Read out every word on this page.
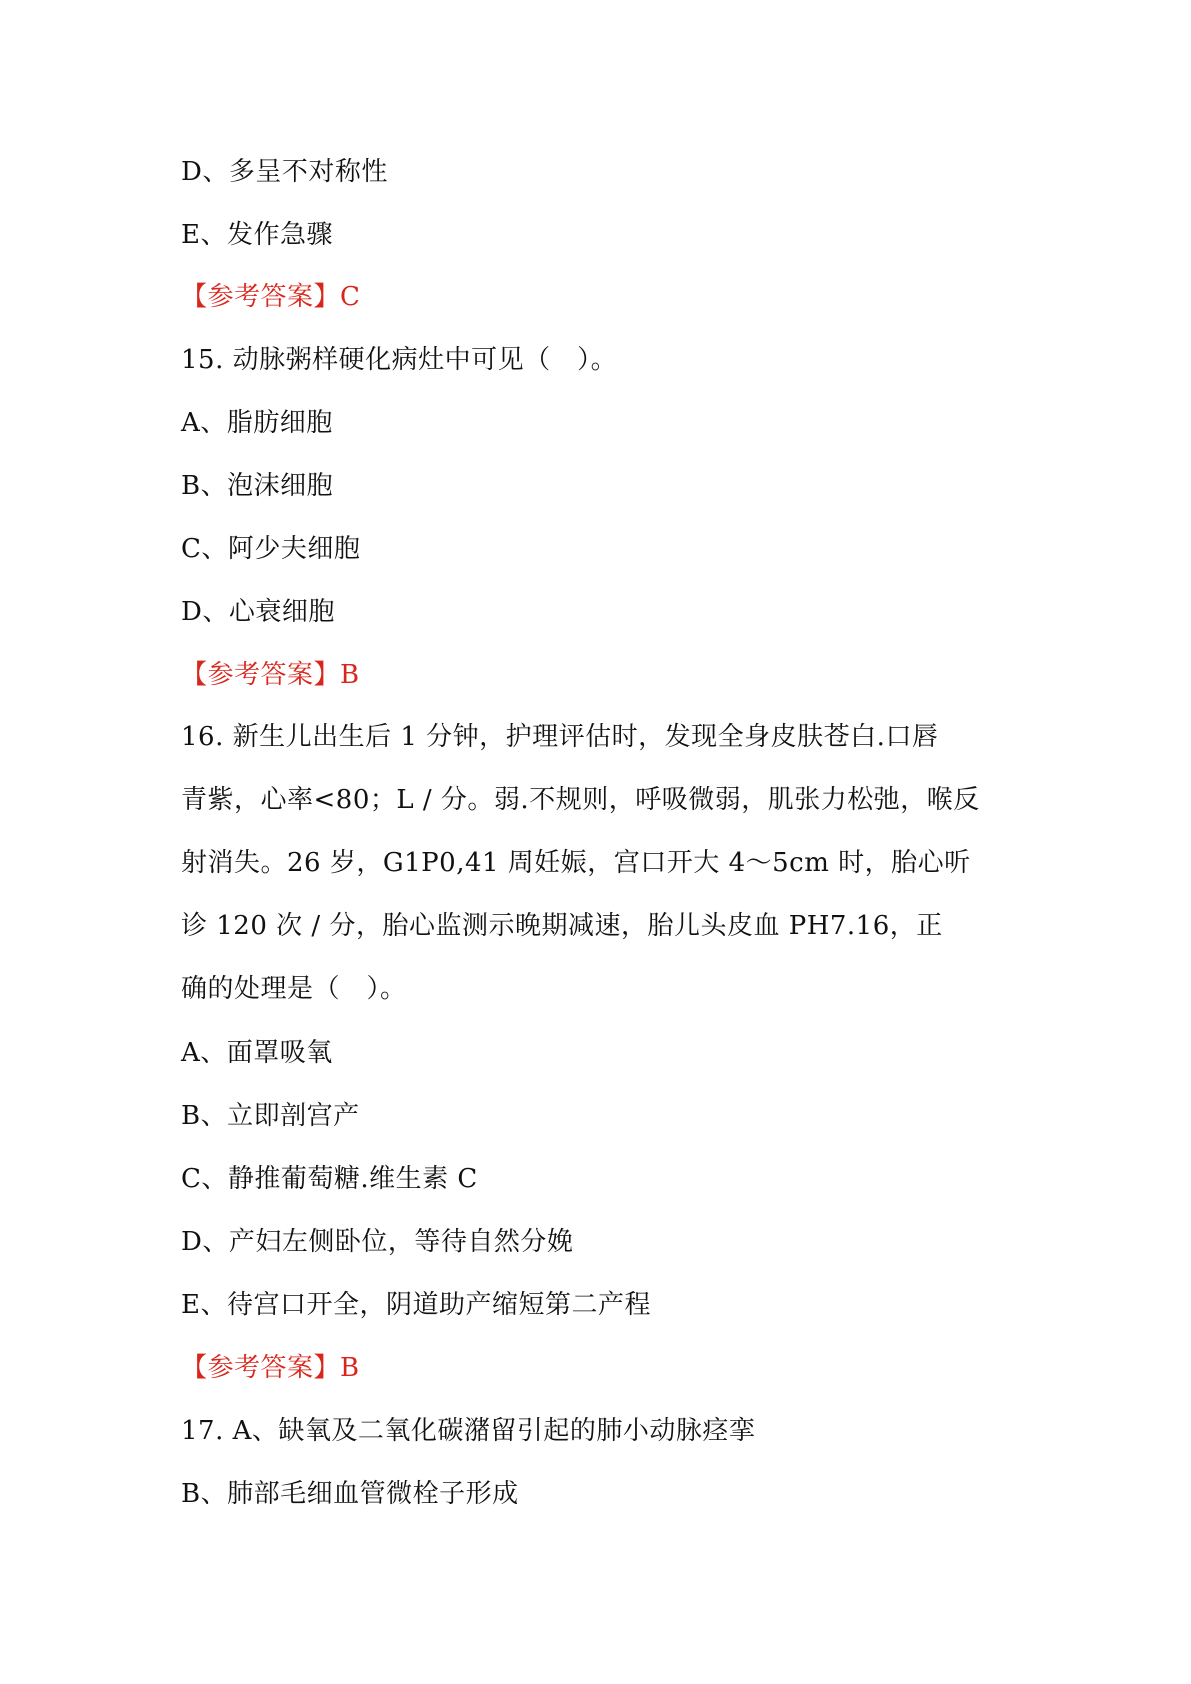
D、多呈不对称性
E、发作急骤
【参考答案】C
15. 动脉粥样硬化病灶中可见（　）。
A、脂肪细胞
B、泡沫细胞
C、阿少夫细胞
D、心衰细胞
【参考答案】B
16. 新生儿出生后 1 分钟，护理评估时，发现全身皮肤苍白.口唇
青紫，心率<80；L / 分。弱.不规则，呼吸微弱，肌张力松弛，喉反
射消失。26 岁，G1P0,41 周妊娠，宫口开大 4～5cm 时，胎心听
诊 120 次 / 分，胎心监测示晚期减速，胎儿头皮血 PH7.16，正
确的处理是（　）。
A、面罩吸氧
B、立即剖宫产
C、静推葡萄糖.维生素 C
D、产妇左侧卧位，等待自然分娩
E、待宫口开全，阴道助产缩短第二产程
【参考答案】B
17. A、缺氧及二氧化碳潴留引起的肺小动脉痉挛
B、肺部毛细血管微栓子形成
